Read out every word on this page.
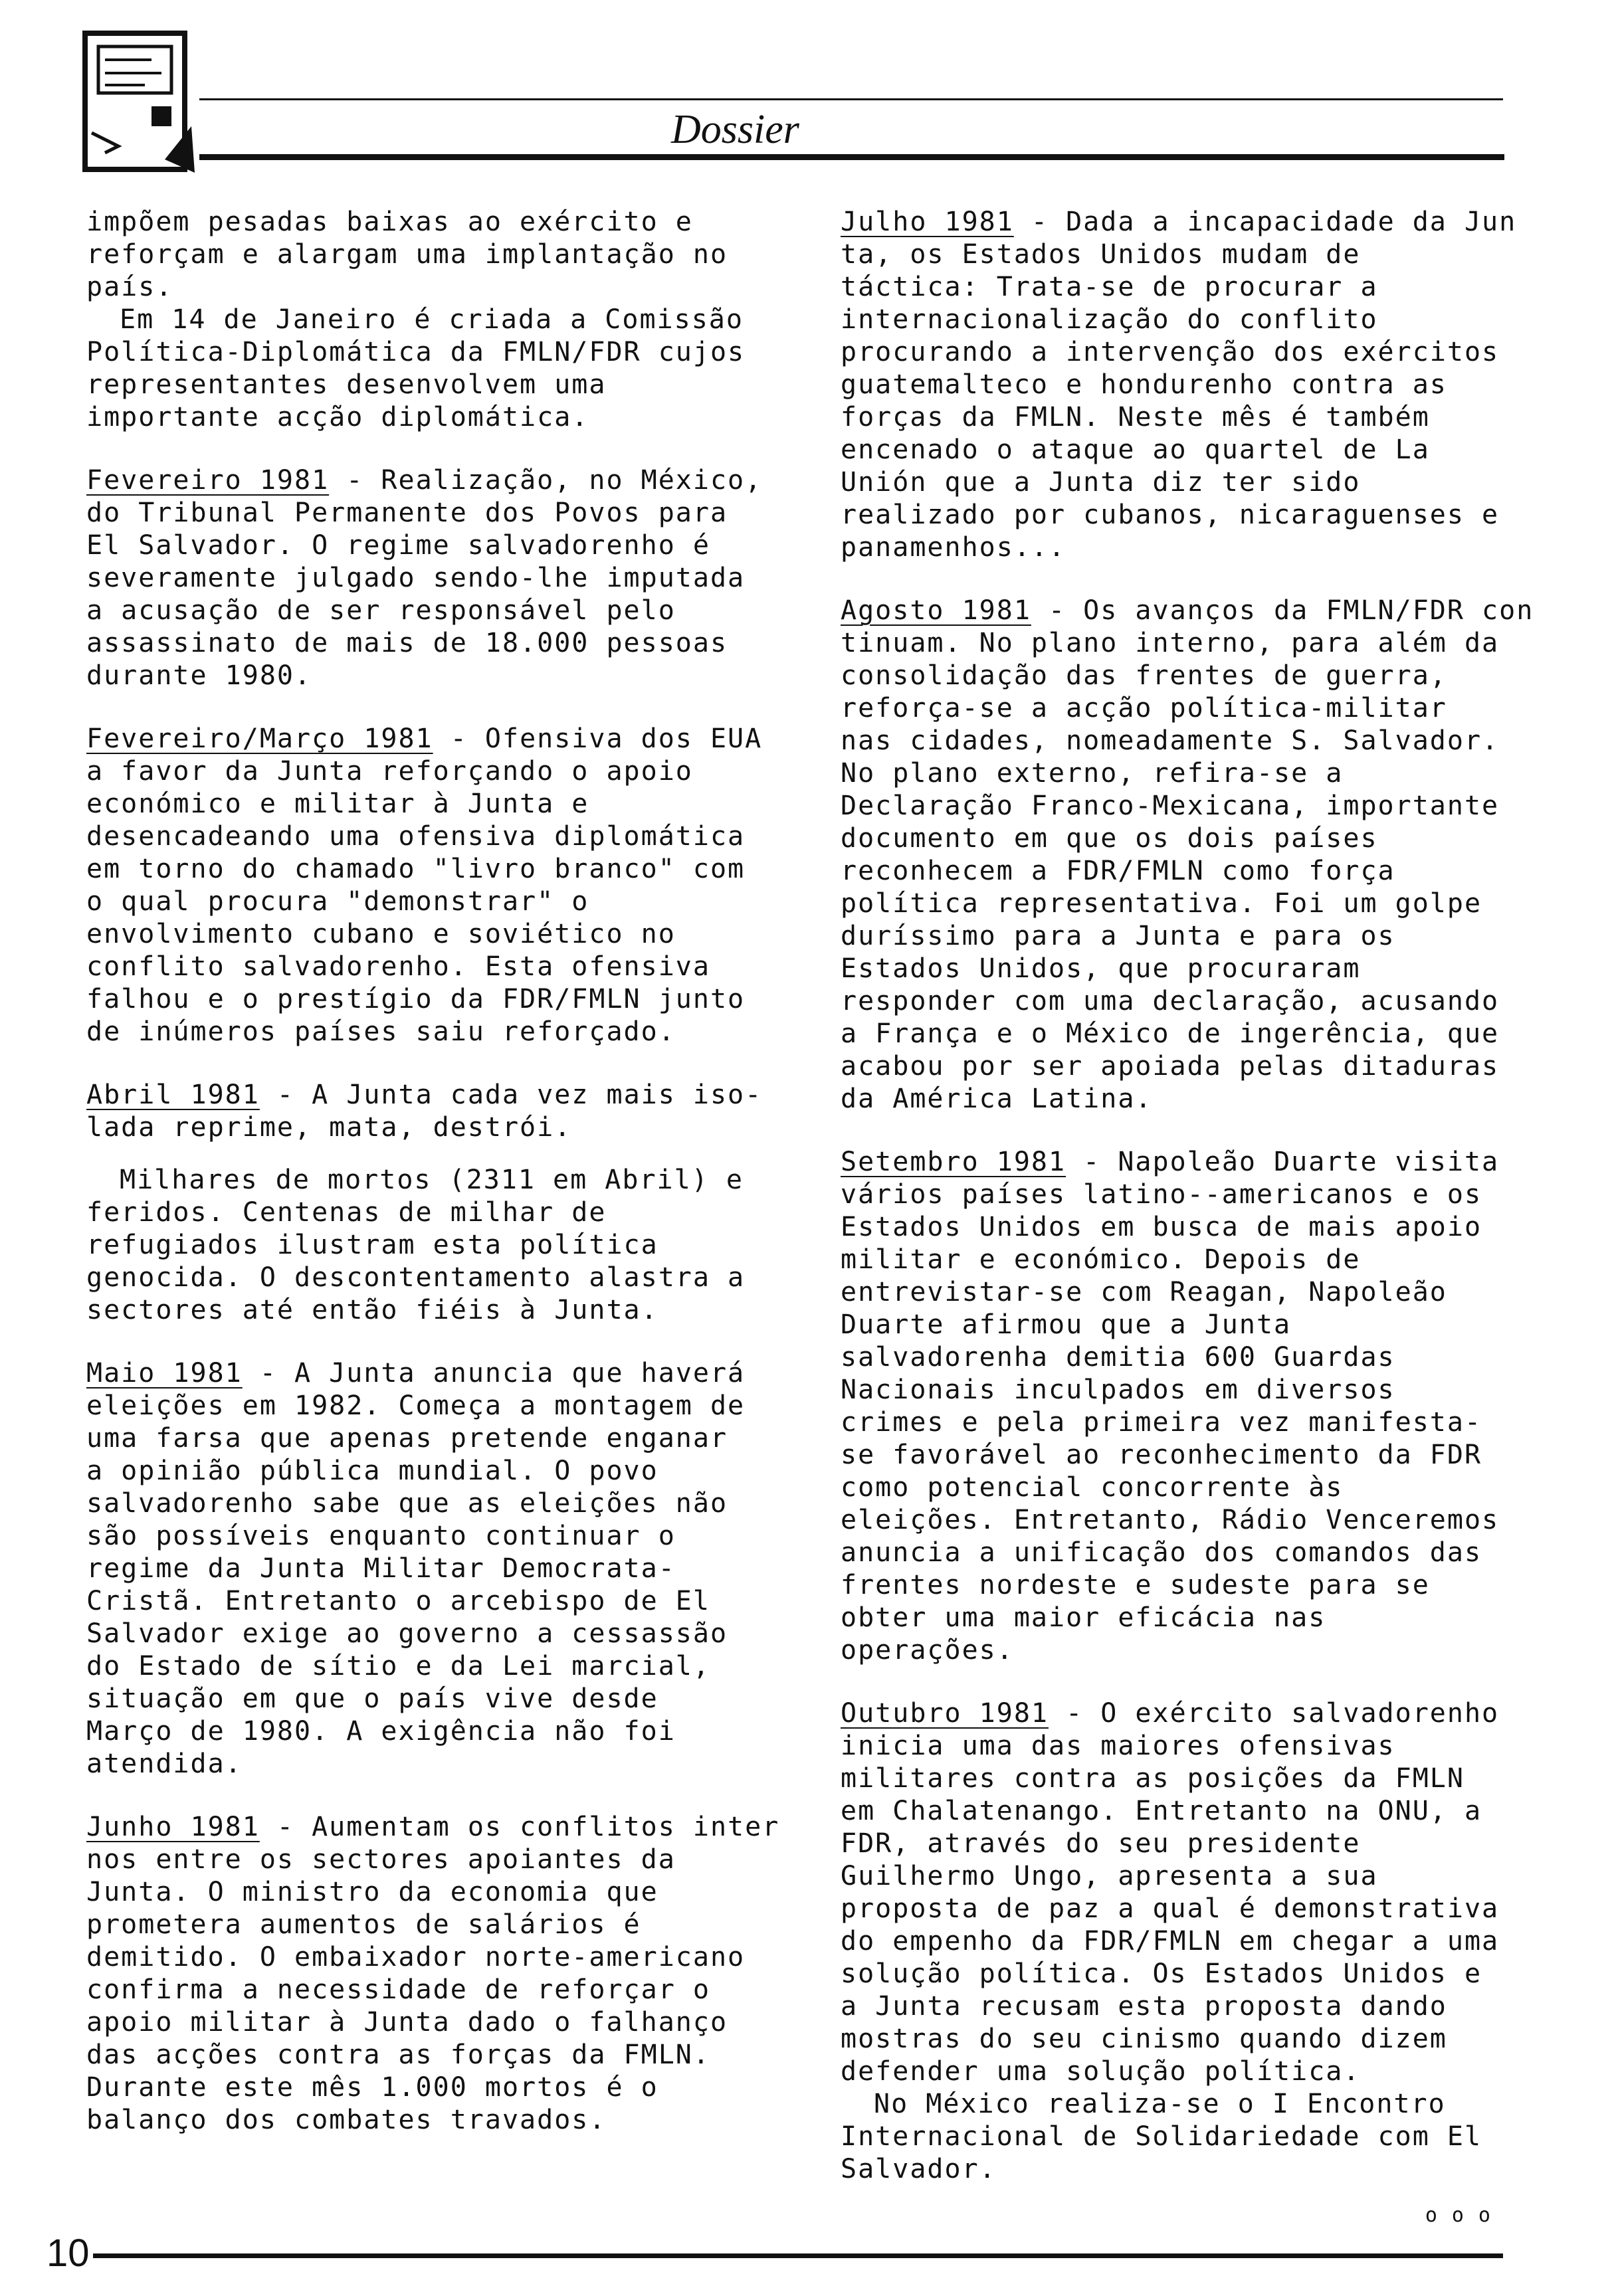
Dossier

impõem pesadas baixas ao exército e reforçam e alargam uma implantação no país.

Em 14 de Janeiro é criada a Comissão Política-Diplomática da FMLN/FDR cujos representantes desenvolvem uma importante acção diplomática.

Fevereiro 1981 - Realização, no México,

do Tribunal Permanente dos Povos para El Salvador. O regime salvadorenho é severamente julgado sendo-lhe imputada a acusação de ser responsável pelo assassinato de mais de 18.000 pessoas durante 1980.

Fevereiro/Março 1981 - Ofensiva dos EUA

a favor da Junta reforçando o apoio económico e militar à Junta e desencadeando uma ofensiva diplomática em torno do chamado "livro branco" com o qual procura "demonstrar" o envolvimento cubano e soviético no conflito salvadorenho. Esta ofensiva falhou e o prestígio da FDR/FMLN junto de inúmeros países saiu reforçado.

Abril 1981 - A Junta cada vez mais iso-

lada reprime, mata, destrói.

Milhares de mortos (2311 em Abril) e feridos. Centenas de milhar de refugiados ilustram esta política genocida. O descontentamento alastra a sectores até então fiéis à Junta.

Maio 1981 - A Junta anuncia que haverá

eleições em 1982. Começa a montagem de uma farsa que apenas pretende enganar a opinião pública mundial. O povo salvadorenho sabe que as eleições não são possíveis enquanto continuar o regime da Junta Militar Democrata-Cristã. Entretanto o arcebispo de El Salvador exige ao governo a cessassão do Estado de sítio e da Lei marcial, situação em que o país vive desde Março de 1980. A exigência não foi atendida.

Junho 1981 - Aumentam os conflitos inter

nos entre os sectores apoiantes da Junta. O ministro da economia que prometera aumentos de salários é demitido. O embaixador norte-americano confirma a necessidade de reforçar o apoio militar à Junta dado o falhanço das acções contra as forças da FMLN. Durante este mês 1.000 mortos é o balanço dos combates travados.

Julho 1981 - Dada a incapacidade da Jun

ta, os Estados Unidos mudam de táctica: Trata-se de procurar a internacionalização do conflito procurando a intervenção dos exércitos guatemalteco e hondurenho contra as forças da FMLN. Neste mês é também encenado o ataque ao quartel de La Unión que a Junta diz ter sido realizado por cubanos, nicaraguenses e panamenhos...

Agosto 1981 - Os avanços da FMLN/FDR con

tinuam. No plano interno, para além da consolidação das frentes de guerra, reforça-se a acção política-militar nas cidades, nomeadamente S. Salvador. No plano externo, refira-se a Declaração Franco-Mexicana, importante documento em que os dois países reconhecem a FDR/FMLN como força política representativa. Foi um golpe duríssimo para a Junta e para os Estados Unidos, que procuraram responder com uma declaração, acusando a França e o México de ingerência, que acabou por ser apoiada pelas ditaduras da América Latina.

Setembro 1981 - Napoleão Duarte visita

vários países latino--americanos e os Estados Unidos em busca de mais apoio militar e económico. Depois de entrevistar-se com Reagan, Napoleão Duarte afirmou que a Junta salvadorenha demitia 600 Guardas Nacionais inculpados em diversos crimes e pela primeira vez manifesta-se favorável ao reconhecimento da FDR como potencial concorrente às eleições. Entretanto, Rádio Venceremos anuncia a unificação dos comandos das frentes nordeste e sudeste para se obter uma maior eficácia nas operações.

Outubro 1981 - O exército salvadorenho

inicia uma das maiores ofensivas militares contra as posições da FMLN em Chalatenango. Entretanto na ONU, a FDR, através do seu presidente Guilhermo Ungo, apresenta a sua proposta de paz a qual é demonstrativa do empenho da FDR/FMLN em chegar a uma solução política. Os Estados Unidos e a Junta recusam esta proposta dando mostras do seu cinismo quando dizem defender uma solução política.

No México realiza-se o I Encontro Internacional de Solidariedade com El Salvador.

ooo
10
